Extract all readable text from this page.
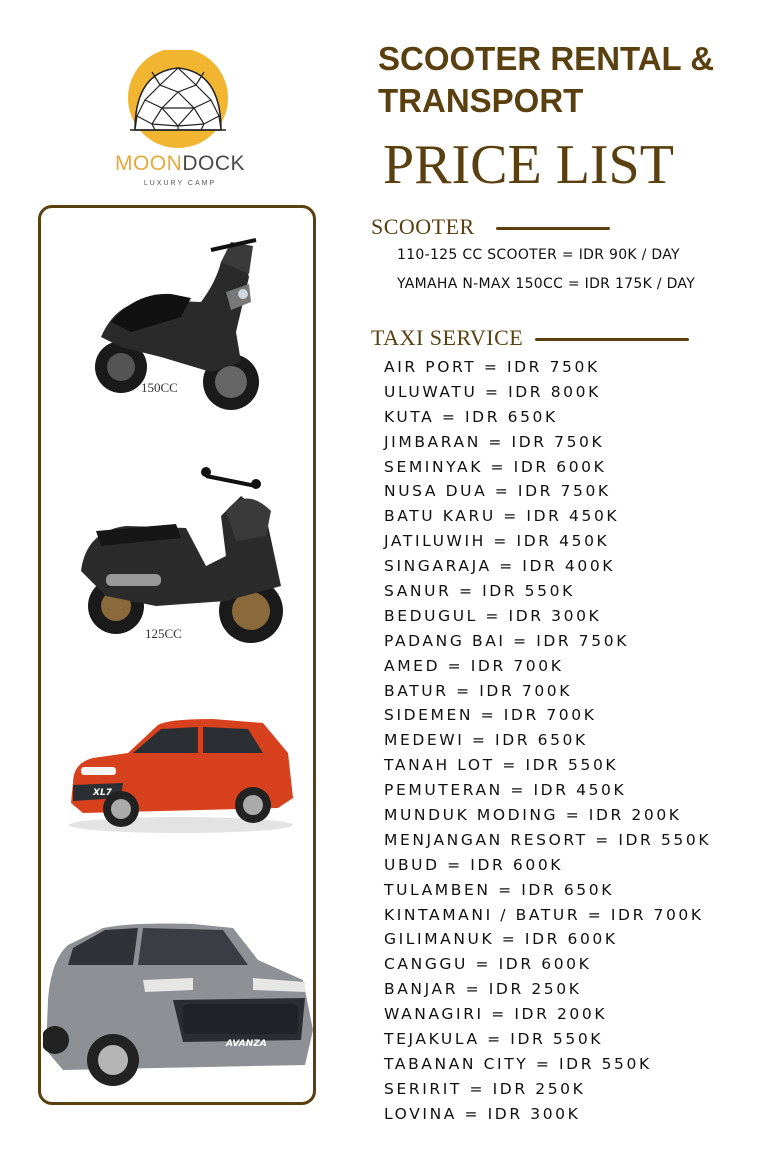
MOONDOCK
LUXURY CAMP
SCOOTER RENTAL &
TRANSPORT
PRICE LIST
150CC
125CC
XL7
AVANZA
SCOOTER
110-125 CC SCOOTER = IDR 90K / DAY
YAMAHA N-MAX 150CC = IDR 175K / DAY
TAXI SERVICE
AIR PORT = IDR 750K
ULUWATU = IDR 800K
KUTA = IDR 650K
JIMBARAN = IDR 750K
SEMINYAK = IDR 600K
NUSA DUA = IDR 750K
BATU KARU = IDR 450K
JATILUWIH = IDR 450K
SINGARAJA = IDR 400K
SANUR = IDR 550K
BEDUGUL = IDR 300K
PADANG BAI = IDR 750K
AMED = IDR 700K
BATUR = IDR 700K
SIDEMEN = IDR 700K
MEDEWI = IDR 650K
TANAH LOT = IDR 550K
PEMUTERAN = IDR 450K
MUNDUK MODING = IDR 200K
MENJANGAN RESORT = IDR 550K
UBUD = IDR 600K
TULAMBEN = IDR 650K
KINTAMANI / BATUR = IDR 700K
GILIMANUK = IDR 600K
CANGGU = IDR 600K
BANJAR = IDR 250K
WANAGIRI = IDR 200K
TEJAKULA = IDR 550K
TABANAN CITY = IDR 550K
SERIRIT = IDR 250K
LOVINA = IDR 300K
